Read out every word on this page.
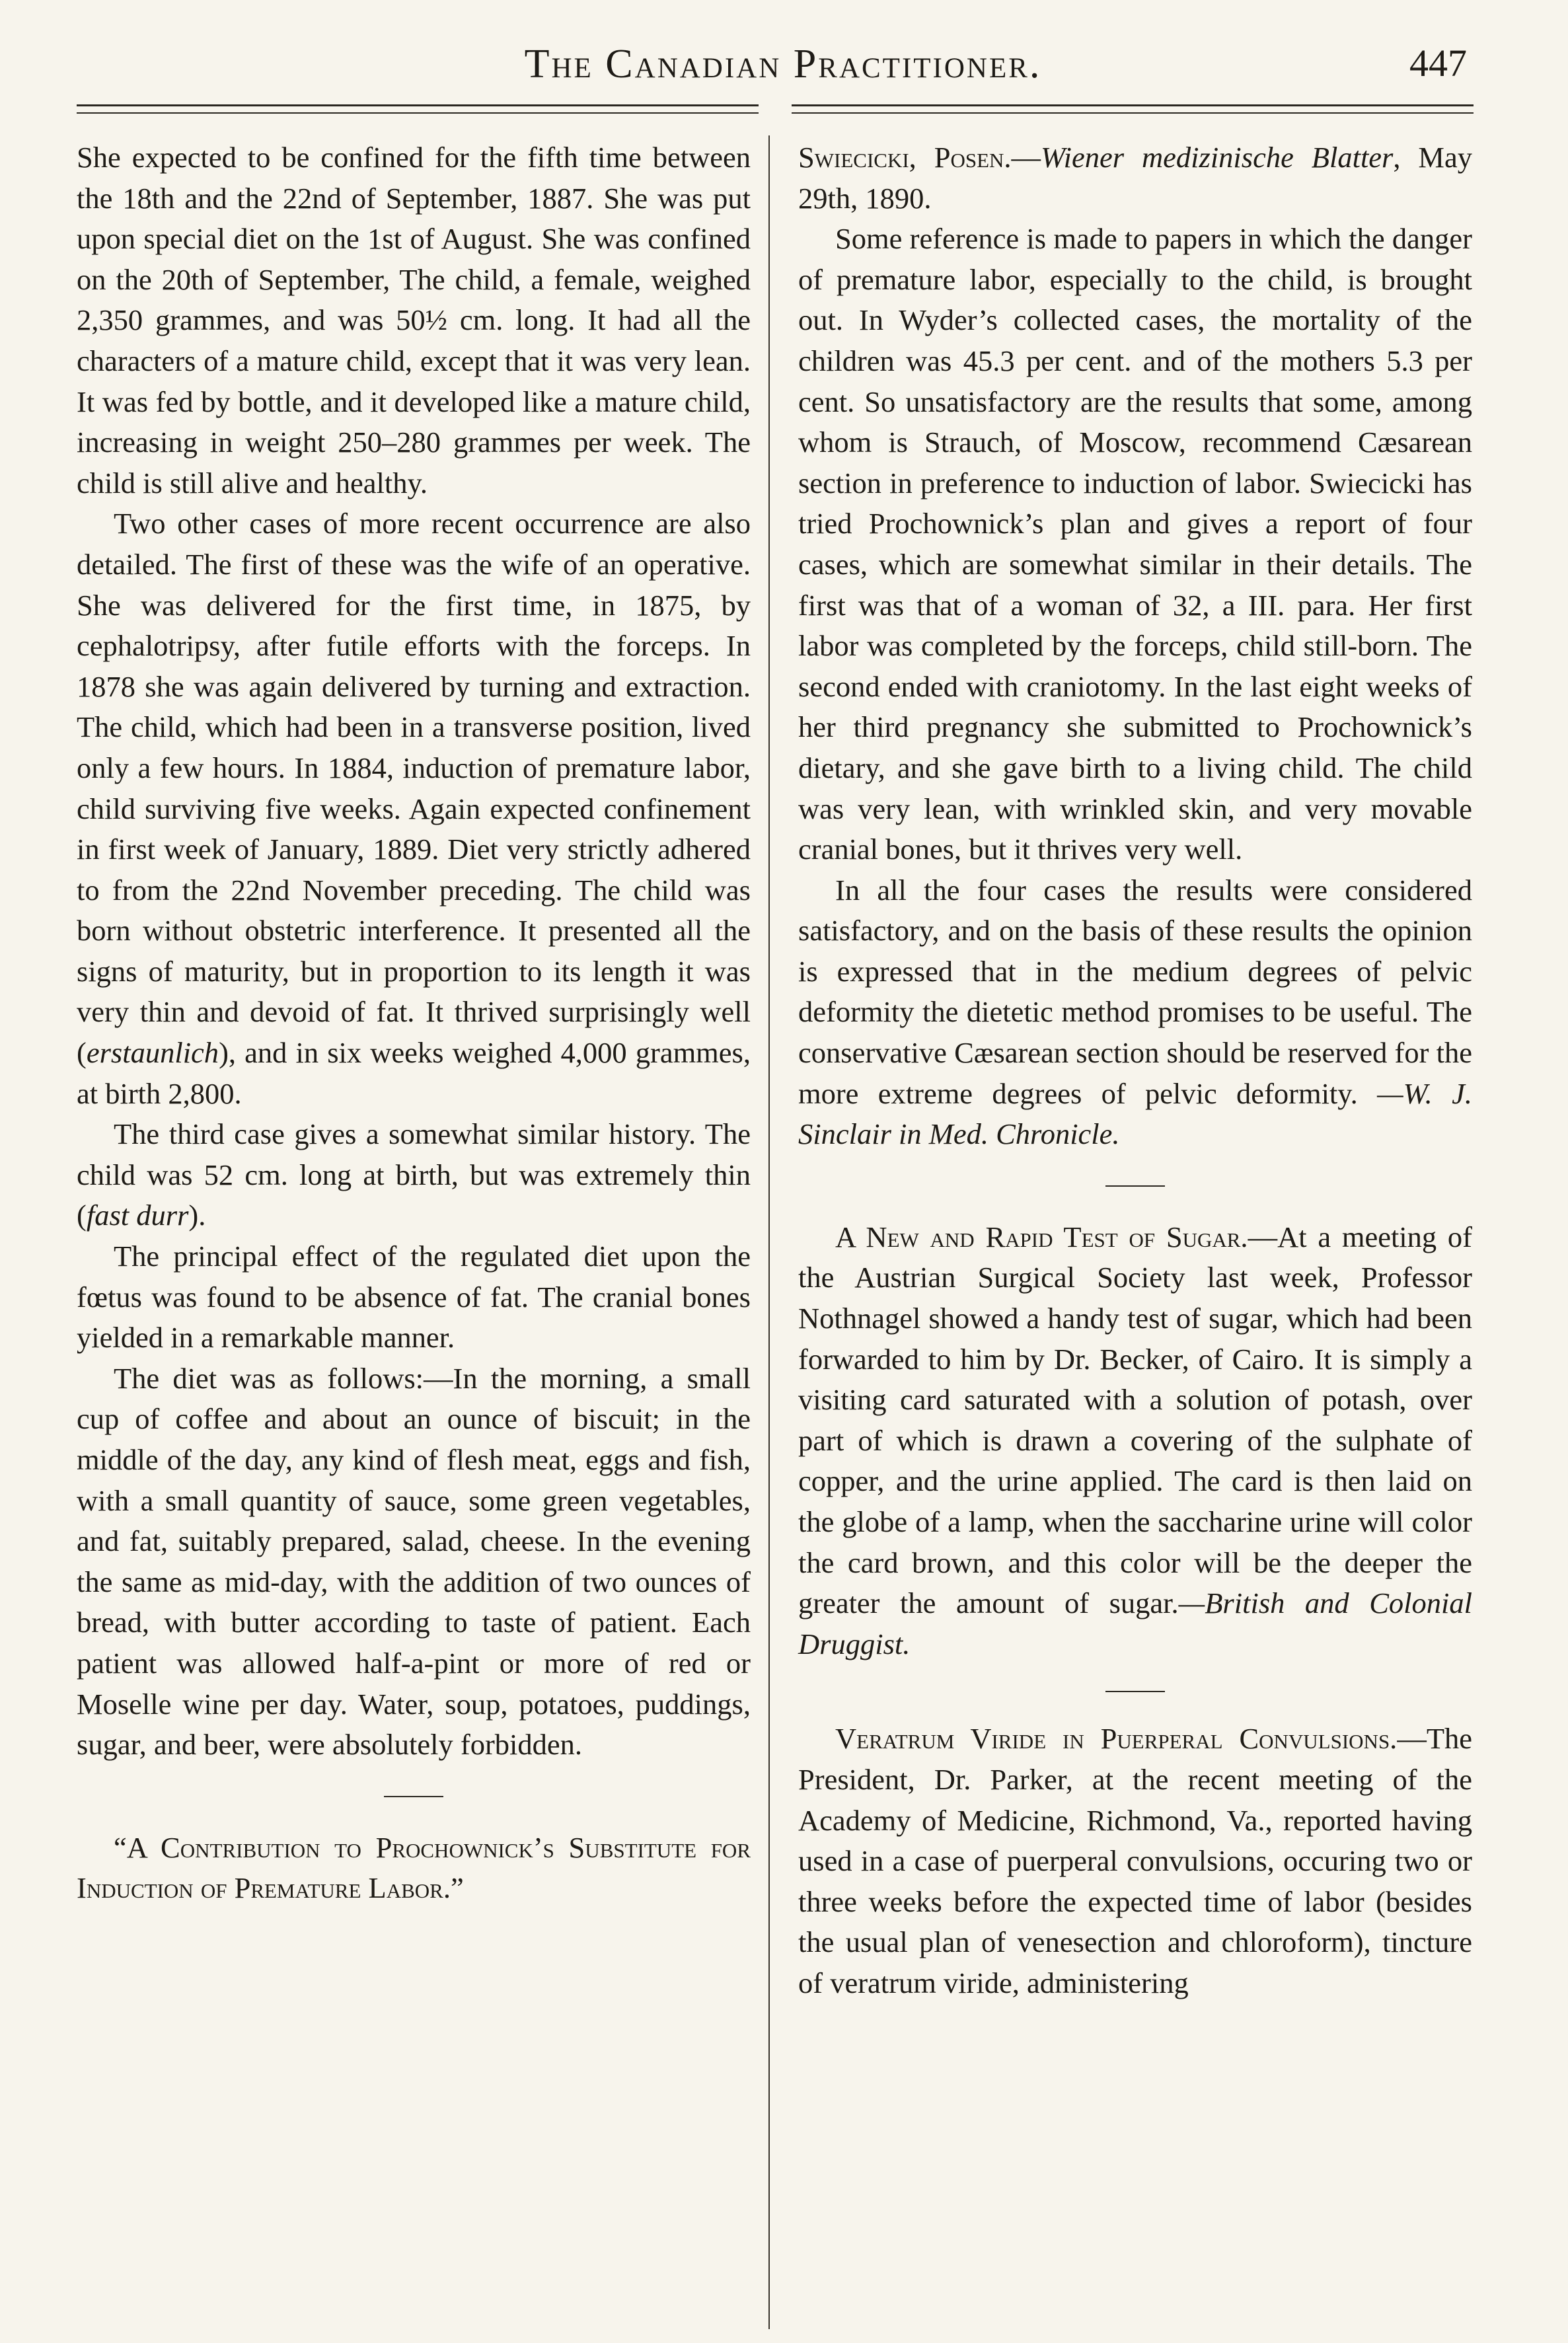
The Canadian Practitioner.	447

She expected to be confined for the fifth time between the 18th and the 22nd of September, 1887. She was put upon special diet on the 1st of August. She was confined on the 20th of September, The child, a female, weighed 2,350 grammes, and was 50½ cm. long. It had all the characters of a mature child, except that it was very lean. It was fed by bottle, and it developed like a mature child, increasing in weight 250–280 grammes per week. The child is still alive and healthy.

Two other cases of more recent occurrence are also detailed. The first of these was the wife of an operative. She was delivered for the first time, in 1875, by cephalotripsy, after futile efforts with the forceps. In 1878 she was again delivered by turning and extraction. The child, which had been in a transverse position, lived only a few hours. In 1884, induction of premature labor, child surviving five weeks. Again expected confinement in first week of January, 1889. Diet very strictly adhered to from the 22nd November preceding. The child was born without obstetric interference. It presented all the signs of maturity, but in proportion to its length it was very thin and devoid of fat. It thrived surprisingly well (erstaunlich), and in six weeks weighed 4,000 grammes, at birth 2,800.

The third case gives a somewhat similar history. The child was 52 cm. long at birth, but was extremely thin (fast durr).

The principal effect of the regulated diet upon the fœtus was found to be absence of fat. The cranial bones yielded in a remarkable manner.

The diet was as follows:—In the morning, a small cup of coffee and about an ounce of biscuit; in the middle of the day, any kind of flesh meat, eggs and fish, with a small quantity of sauce, some green vegetables, and fat, suitably prepared, salad, cheese. In the evening the same as mid-day, with the addition of two ounces of bread, with butter according to taste of patient. Each patient was allowed half-a-pint or more of red or Moselle wine per day. Water, soup, potatoes, puddings, sugar, and beer, were absolutely forbidden.

“A Contribution to Prochownick’s Substitute for Induction of Premature Labor.”

Swiecicki, Posen.—Wiener medizinische Blatter, May 29th, 1890.

Some reference is made to papers in which the danger of premature labor, especially to the child, is brought out. In Wyder’s collected cases, the mortality of the children was 45.3 per cent. and of the mothers 5.3 per cent. So unsatisfactory are the results that some, among whom is Strauch, of Moscow, recommend Cæsarean section in preference to induction of labor. Swiecicki has tried Prochownick’s plan and gives a report of four cases, which are somewhat similar in their details. The first was that of a woman of 32, a III. para. Her first labor was completed by the forceps, child still-born. The second ended with craniotomy. In the last eight weeks of her third pregnancy she submitted to Prochownick’s dietary, and she gave birth to a living child. The child was very lean, with wrinkled skin, and very movable cranial bones, but it thrives very well.

In all the four cases the results were considered satisfactory, and on the basis of these results the opinion is expressed that in the medium degrees of pelvic deformity the dietetic method promises to be useful. The conservative Cæsarean section should be reserved for the more extreme degrees of pelvic deformity. —W. J. Sinclair in Med. Chronicle.

A New and Rapid Test of Sugar.—At a meeting of the Austrian Surgical Society last week, Professor Nothnagel showed a handy test of sugar, which had been forwarded to him by Dr. Becker, of Cairo. It is simply a visiting card saturated with a solution of potash, over part of which is drawn a covering of the sulphate of copper, and the urine applied. The card is then laid on the globe of a lamp, when the saccharine urine will color the card brown, and this color will be the deeper the greater the amount of sugar.—British and Colonial Druggist.

Veratrum Viride in Puerperal Convulsions.—The President, Dr. Parker, at the recent meeting of the Academy of Medicine, Richmond, Va., reported having used in a case of puerperal convulsions, occuring two or three weeks before the expected time of labor (besides the usual plan of venesection and chloroform), tincture of veratrum viride, administering
